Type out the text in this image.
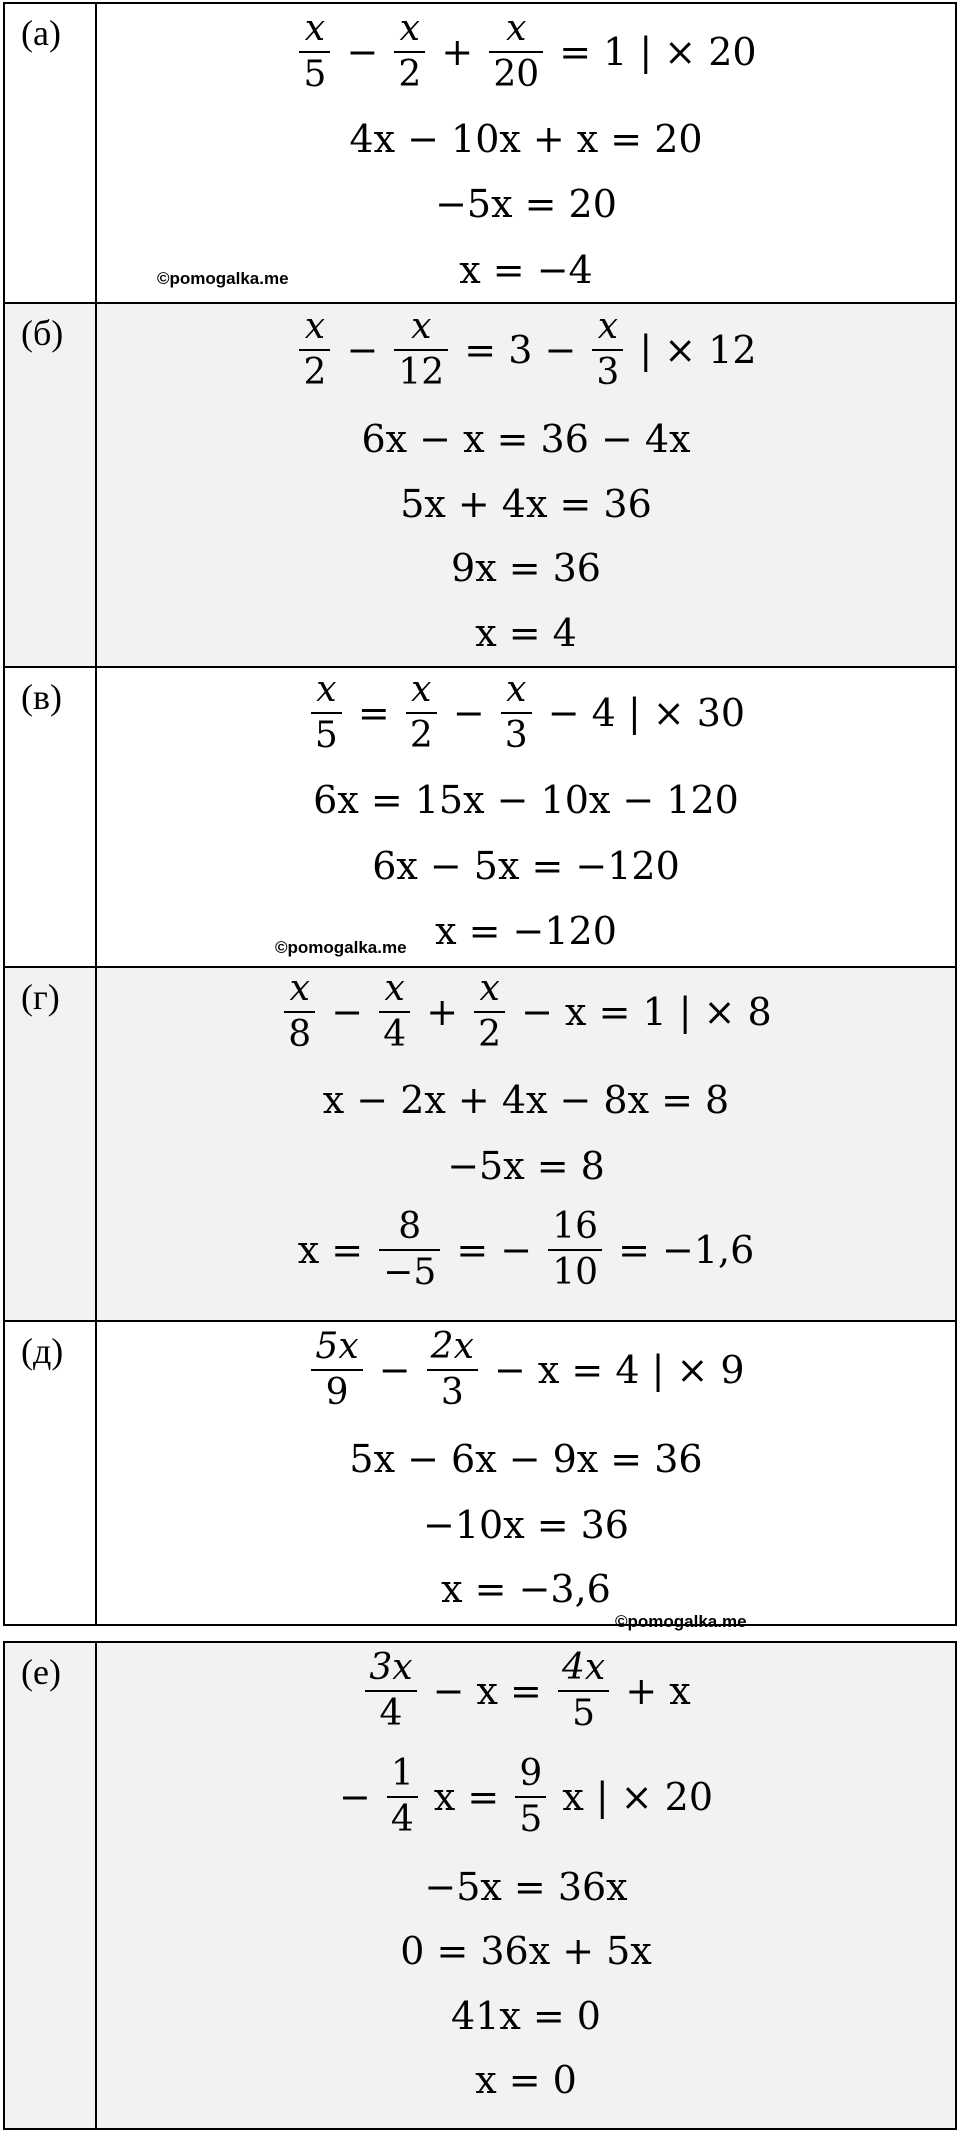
(а)	$\frac{x}{5} - \frac{x}{2} + \frac{x}{20} = 1$ | × 20
4x − 10x + x = 20
−5x = 20
x = −4
©pomogalka.me
(б)	$\frac{x}{2} - \frac{x}{12} = 3 - \frac{x}{3}$ | × 12
6x − x = 36 − 4x
5x + 4x = 36
9x = 36
x = 4
(в)	$\frac{x}{5} = \frac{x}{2} - \frac{x}{3} - 4$ | × 30
6x = 15x − 10x − 120
6x − 5x = −120
x = −120
©pomogalka.me
(г)	$\frac{x}{8} - \frac{x}{4} + \frac{x}{2} - x = 1$ | × 8
x − 2x + 4x − 8x = 8
−5x = 8
$x = \frac{8}{-5}$ = − $\frac{16}{10} = -1,6$
(д)	$\frac{5x}{9} - \frac{2x}{3} - x = 4$ | × 9
5x − 6x − 9x = 36
−10x = 36
x = −3,6
©pomogalka.me
(е)	$\frac{3x}{4} - x = \frac{4x}{5} + x$
− $\frac{1}{4}$ $x = \frac{9}{5}$ x | × 20
−5x = 36x
0 = 36x + 5x
41x = 0
x = 0
